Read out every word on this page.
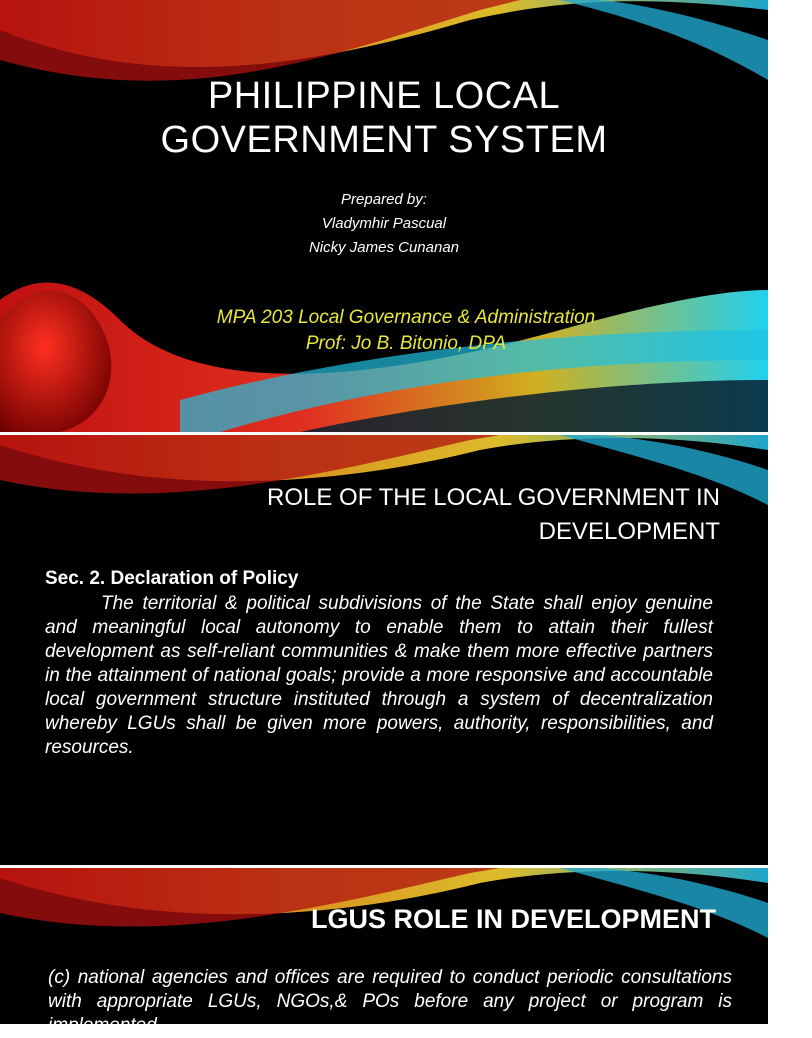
PHILIPPINE LOCAL
GOVERNMENT SYSTEM
Prepared by:
Vladymhir Pascual
Nicky James Cunanan
MPA 203 Local Governance & Administration
Prof: Jo B. Bitonio, DPA
ROLE OF THE LOCAL GOVERNMENT IN
DEVELOPMENT
Sec. 2. Declaration of Policy

The territorial & political subdivisions of the State shall enjoy genuine and meaningful local autonomy to enable them to attain their fullest development as self-reliant communities & make them more effective partners in the attainment of national goals; provide a more responsive and accountable local government structure instituted through a system of decentralization whereby LGUs shall be given more powers, authority, responsibilities, and resources.

LGUS ROLE IN DEVELOPMENT

(c) national agencies and offices are required to conduct periodic consultations with appropriate LGUs, NGOs,& POs before any project or program is implemented
